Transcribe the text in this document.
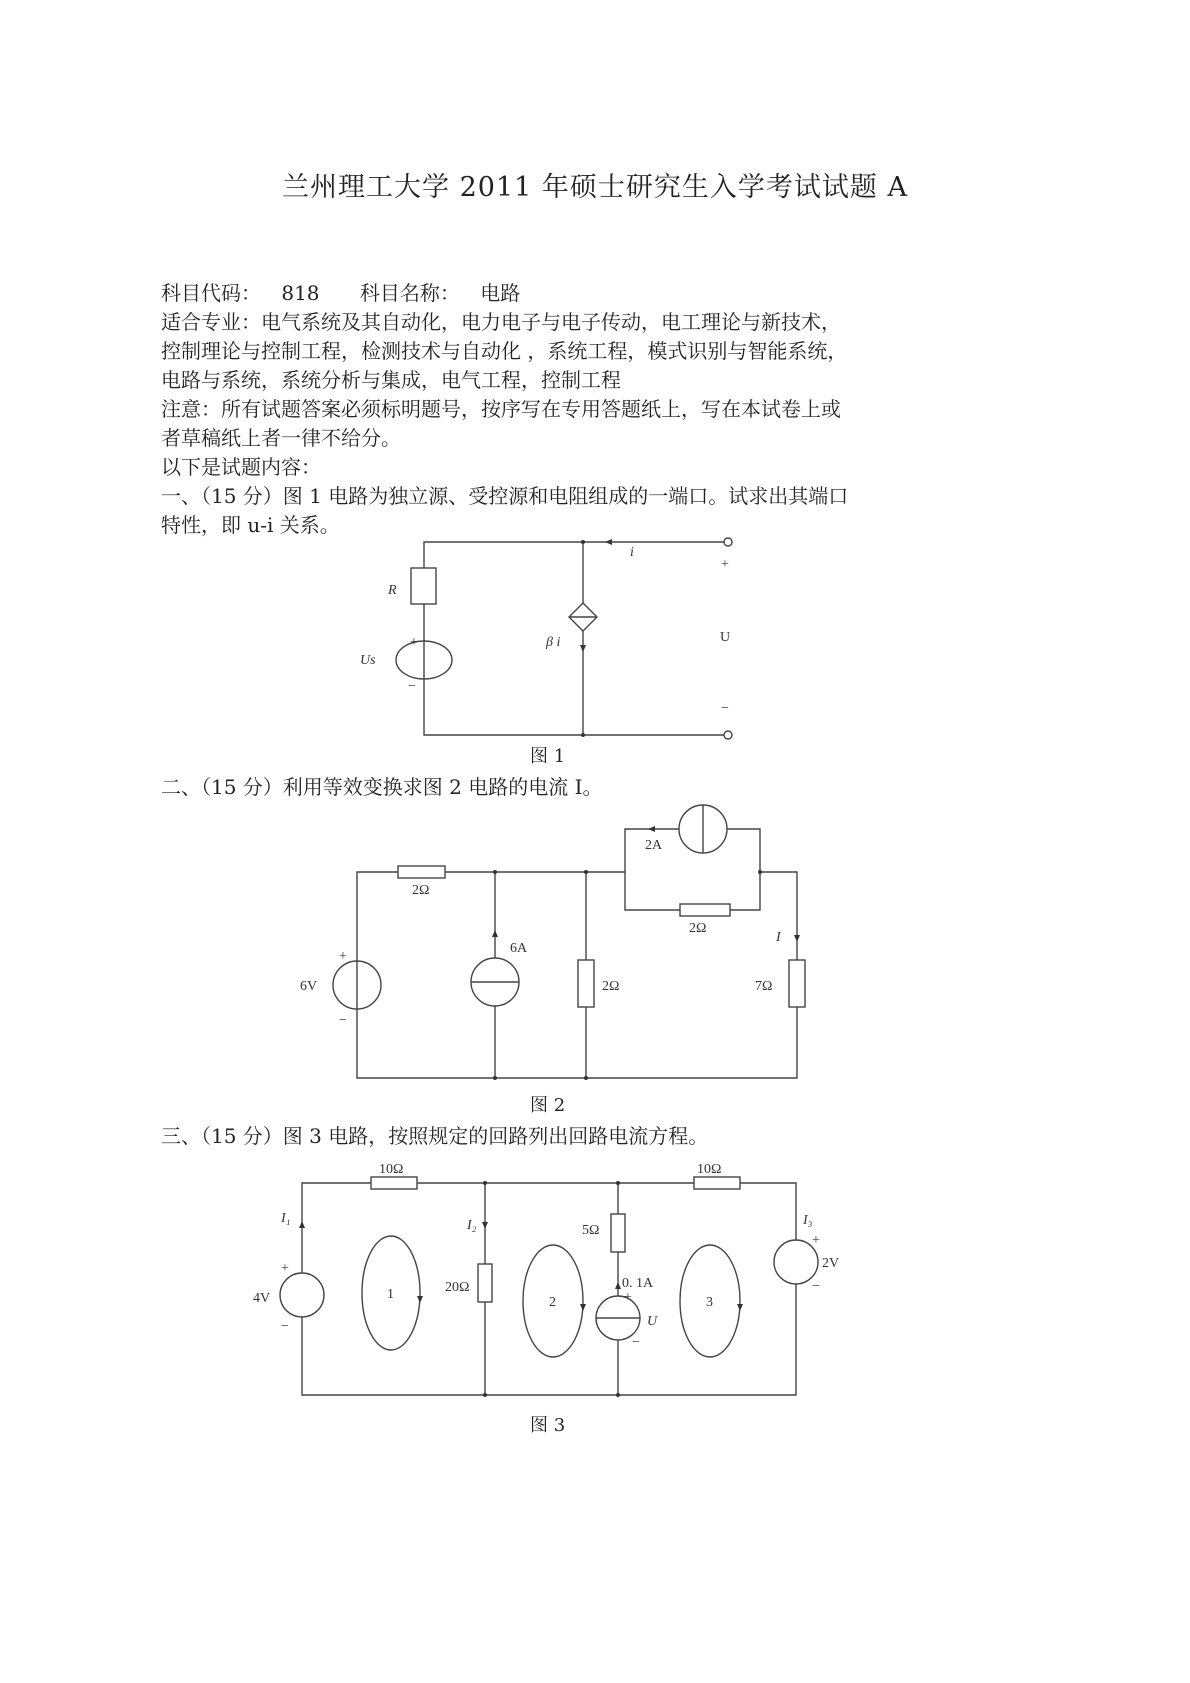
兰州理工大学 2011 年硕士研究生入学考试试题 A
科目代码： 818 科目名称： 电路
适合专业：电气系统及其自动化，电力电子与电子传动，电工理论与新技术，
控制理论与控制工程，检测技术与自动化 ，系统工程，模式识别与智能系统，
电路与系统，系统分析与集成，电气工程，控制工程
注意：所有试题答案必须标明题号，按序写在专用答题纸上，写在本试卷上或
者草稿纸上者一律不给分。
以下是试题内容：
一、（15 分）图 1 电路为独立源、受控源和电阻组成的一端口。试求出其端口
特性，即 u-i 关系。
图 1
二、（15 分）利用等效变换求图 2 电路的电流 I。
图 2
三、（15 分）图 3 电路，按照规定的回路列出回路电流方程。
图 3
R
Us
+
−
β i
i
+
U
−
2Ω
6V
+
−
6A
2Ω
2A
2Ω
I
7Ω
10Ω	10Ω
I₁	I₂	I₃
4V
+
−
20Ω
5Ω
0. 1A
+
U
−
2V
+
−
1
2	3
